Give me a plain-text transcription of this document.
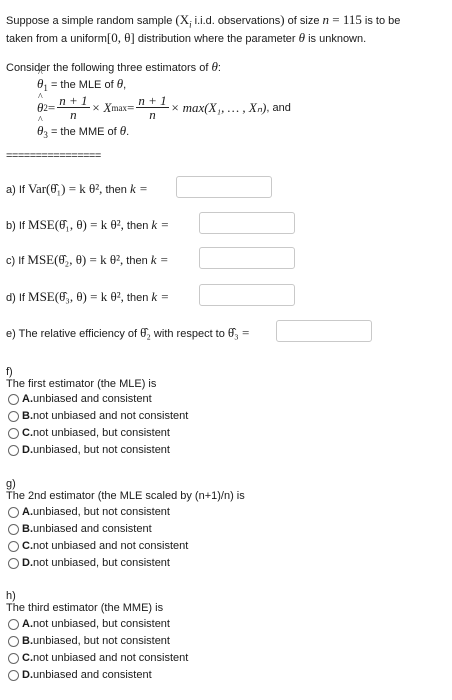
Suppose a simple random sample ($X_i$ i.i.d. observations) of size n = 115 is to be
taken from a uniform[0, θ] distribution where the parameter θ is unknown.
Consider the following three estimators of θ:
^ $\theta_1$ = the MLE of θ,
^ θ $2 = \frac{n + 1}{n} \times X$ $\max = \frac{n + 1}{n} \times \max(X_1$, … , Xₙ) , and
^ $\theta_3$ = the MME of θ.
================
a) If Var(θ̂₁) = k θ², then k =
b) If MSE(θ̂₁, θ) = k θ², then k =
c) If MSE(θ̂₂, θ) = k θ², then k =
d) If MSE(θ̂₃, θ) = k θ², then k =
e) The relative efficiency of θ̂₂ with respect to θ̂₃ =
f)
The first estimator (the MLE) is
A. unbiased and consistent
B. not unbiased and not consistent
C. not unbiased, but consistent
D. unbiased, but not consistent
g)
The 2nd estimator (the MLE scaled by (n+1)/n) is
A. unbiased, but not consistent
B. unbiased and consistent
C. not unbiased and not consistent
D. not unbiased, but consistent
h)
The third estimator (the MME) is
A. not unbiased, but consistent
B. unbiased, but not consistent
C. not unbiased and not consistent
D. unbiased and consistent
